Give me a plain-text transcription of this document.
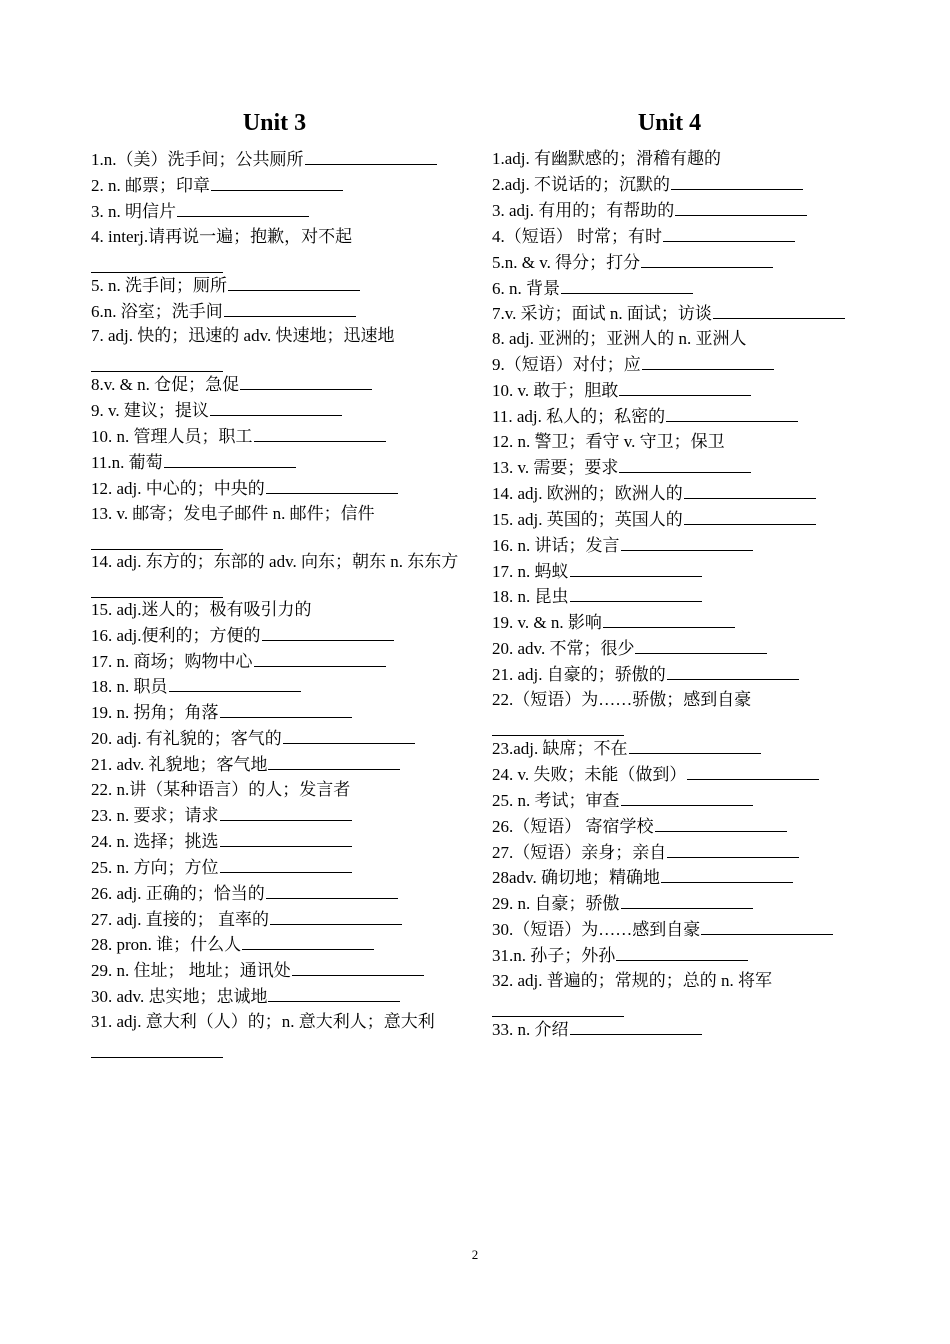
Unit 3
1.n.（美）洗手间；公共厕所
2. n. 邮票；印章
3. n. 明信片
4. interj.请再说一遍；抱歉，对不起
5. n. 洗手间；厕所
6.n. 浴室；洗手间
7. adj. 快的；迅速的 adv. 快速地；迅速地
8.v. & n. 仓促；急促
9. v. 建议；提议
10. n. 管理人员；职工
11.n. 葡萄
12. adj. 中心的；中央的
13. v. 邮寄；发电子邮件 n. 邮件；信件
14. adj. 东方的；东部的 adv. 向东；朝东 n. 东东方
15. adj.迷人的；极有吸引力的
16. adj.便利的；方便的
17. n. 商场；购物中心
18. n. 职员
19. n. 拐角；角落
20. adj. 有礼貌的；客气的
21. adv. 礼貌地；客气地
22. n.讲（某种语言）的人；发言者
23. n. 要求；请求
24. n. 选择；挑选
25. n. 方向；方位
26. adj. 正确的；恰当的
27. adj. 直接的； 直率的
28. pron. 谁；什么人
29. n. 住址； 地址；通讯处
30. adv. 忠实地；忠诚地
31. adj. 意大利（人）的；n. 意大利人；意大利
Unit 4
1.adj. 有幽默感的；滑稽有趣的
2.adj. 不说话的；沉默的
3. adj. 有用的；有帮助的
4.（短语） 时常；有时
5.n. & v. 得分；打分
6. n. 背景
7.v. 采访；面试 n. 面试；访谈
8. adj. 亚洲的；亚洲人的 n. 亚洲人
9.（短语）对付；应
10. v. 敢于；胆敢
11. adj. 私人的；私密的
12. n. 警卫；看守 v. 守卫；保卫
13. v. 需要；要求
14. adj. 欧洲的；欧洲人的
15. adj. 英国的；英国人的
16. n. 讲话；发言
17. n. 蚂蚁
18. n. 昆虫
19. v. & n. 影响
20. adv. 不常；很少
21. adj. 自豪的；骄傲的
22.（短语）为……骄傲；感到自豪
23.adj. 缺席；不在
24. v. 失败；未能（做到）
25. n. 考试；审查
26.（短语） 寄宿学校
27.（短语）亲身；亲自
28adv. 确切地；精确地
29. n. 自豪；骄傲
30.（短语）为……感到自豪
31.n. 孙子；外孙
32. adj. 普遍的；常规的；总的 n. 将军
33. n. 介绍
2
